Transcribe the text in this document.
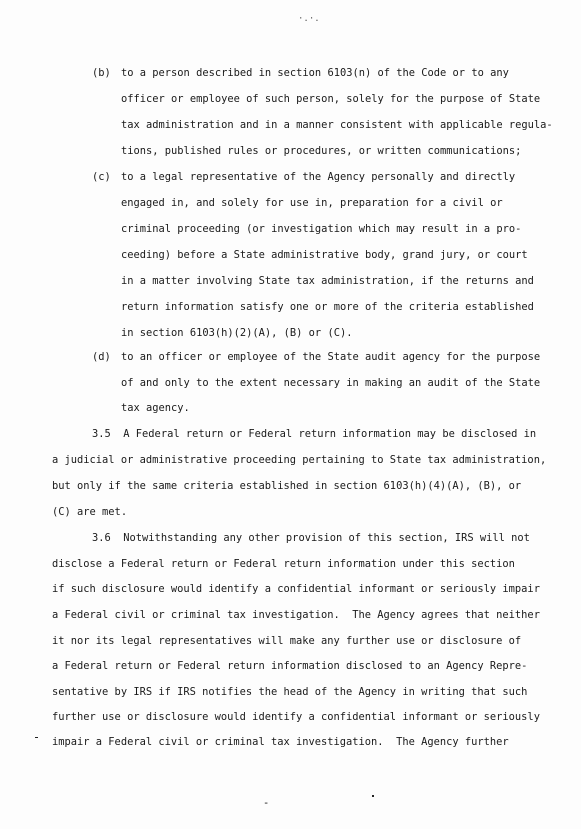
·.·.
(b) to a person described in section 6103(n) of the Code or to any
officer or employee of such person, solely for the purpose of State
tax administration and in a manner consistent with applicable regula-
tions, published rules or procedures, or written communications;
(c) to a legal representative of the Agency personally and directly
engaged in, and solely for use in, preparation for a civil or
criminal proceeding (or investigation which may result in a pro-
ceeding) before a State administrative body, grand jury, or court
in a matter involving State tax administration, if the returns and
return information satisfy one or more of the criteria established
in section 6103(h)(2)(A), (B) or (C).
(d) to an officer or employee of the State audit agency for the purpose
of and only to the extent necessary in making an audit of the State
tax agency.
3.5  A Federal return or Federal return information may be disclosed in
a judicial or administrative proceeding pertaining to State tax administration,
but only if the same criteria established in section 6103(h)(4)(A), (B), or
(C) are met.
3.6  Notwithstanding any other provision of this section, IRS will not
disclose a Federal return or Federal return information under this section
if such disclosure would identify a confidential informant or seriously impair
a Federal civil or criminal tax investigation.  The Agency agrees that neither
it nor its legal representatives will make any further use or disclosure of
a Federal return or Federal return information disclosed to an Agency Repre-
sentative by IRS if IRS notifies the head of the Agency in writing that such
further use or disclosure would identify a confidential informant or seriously
impair a Federal civil or criminal tax investigation.  The Agency further
-
